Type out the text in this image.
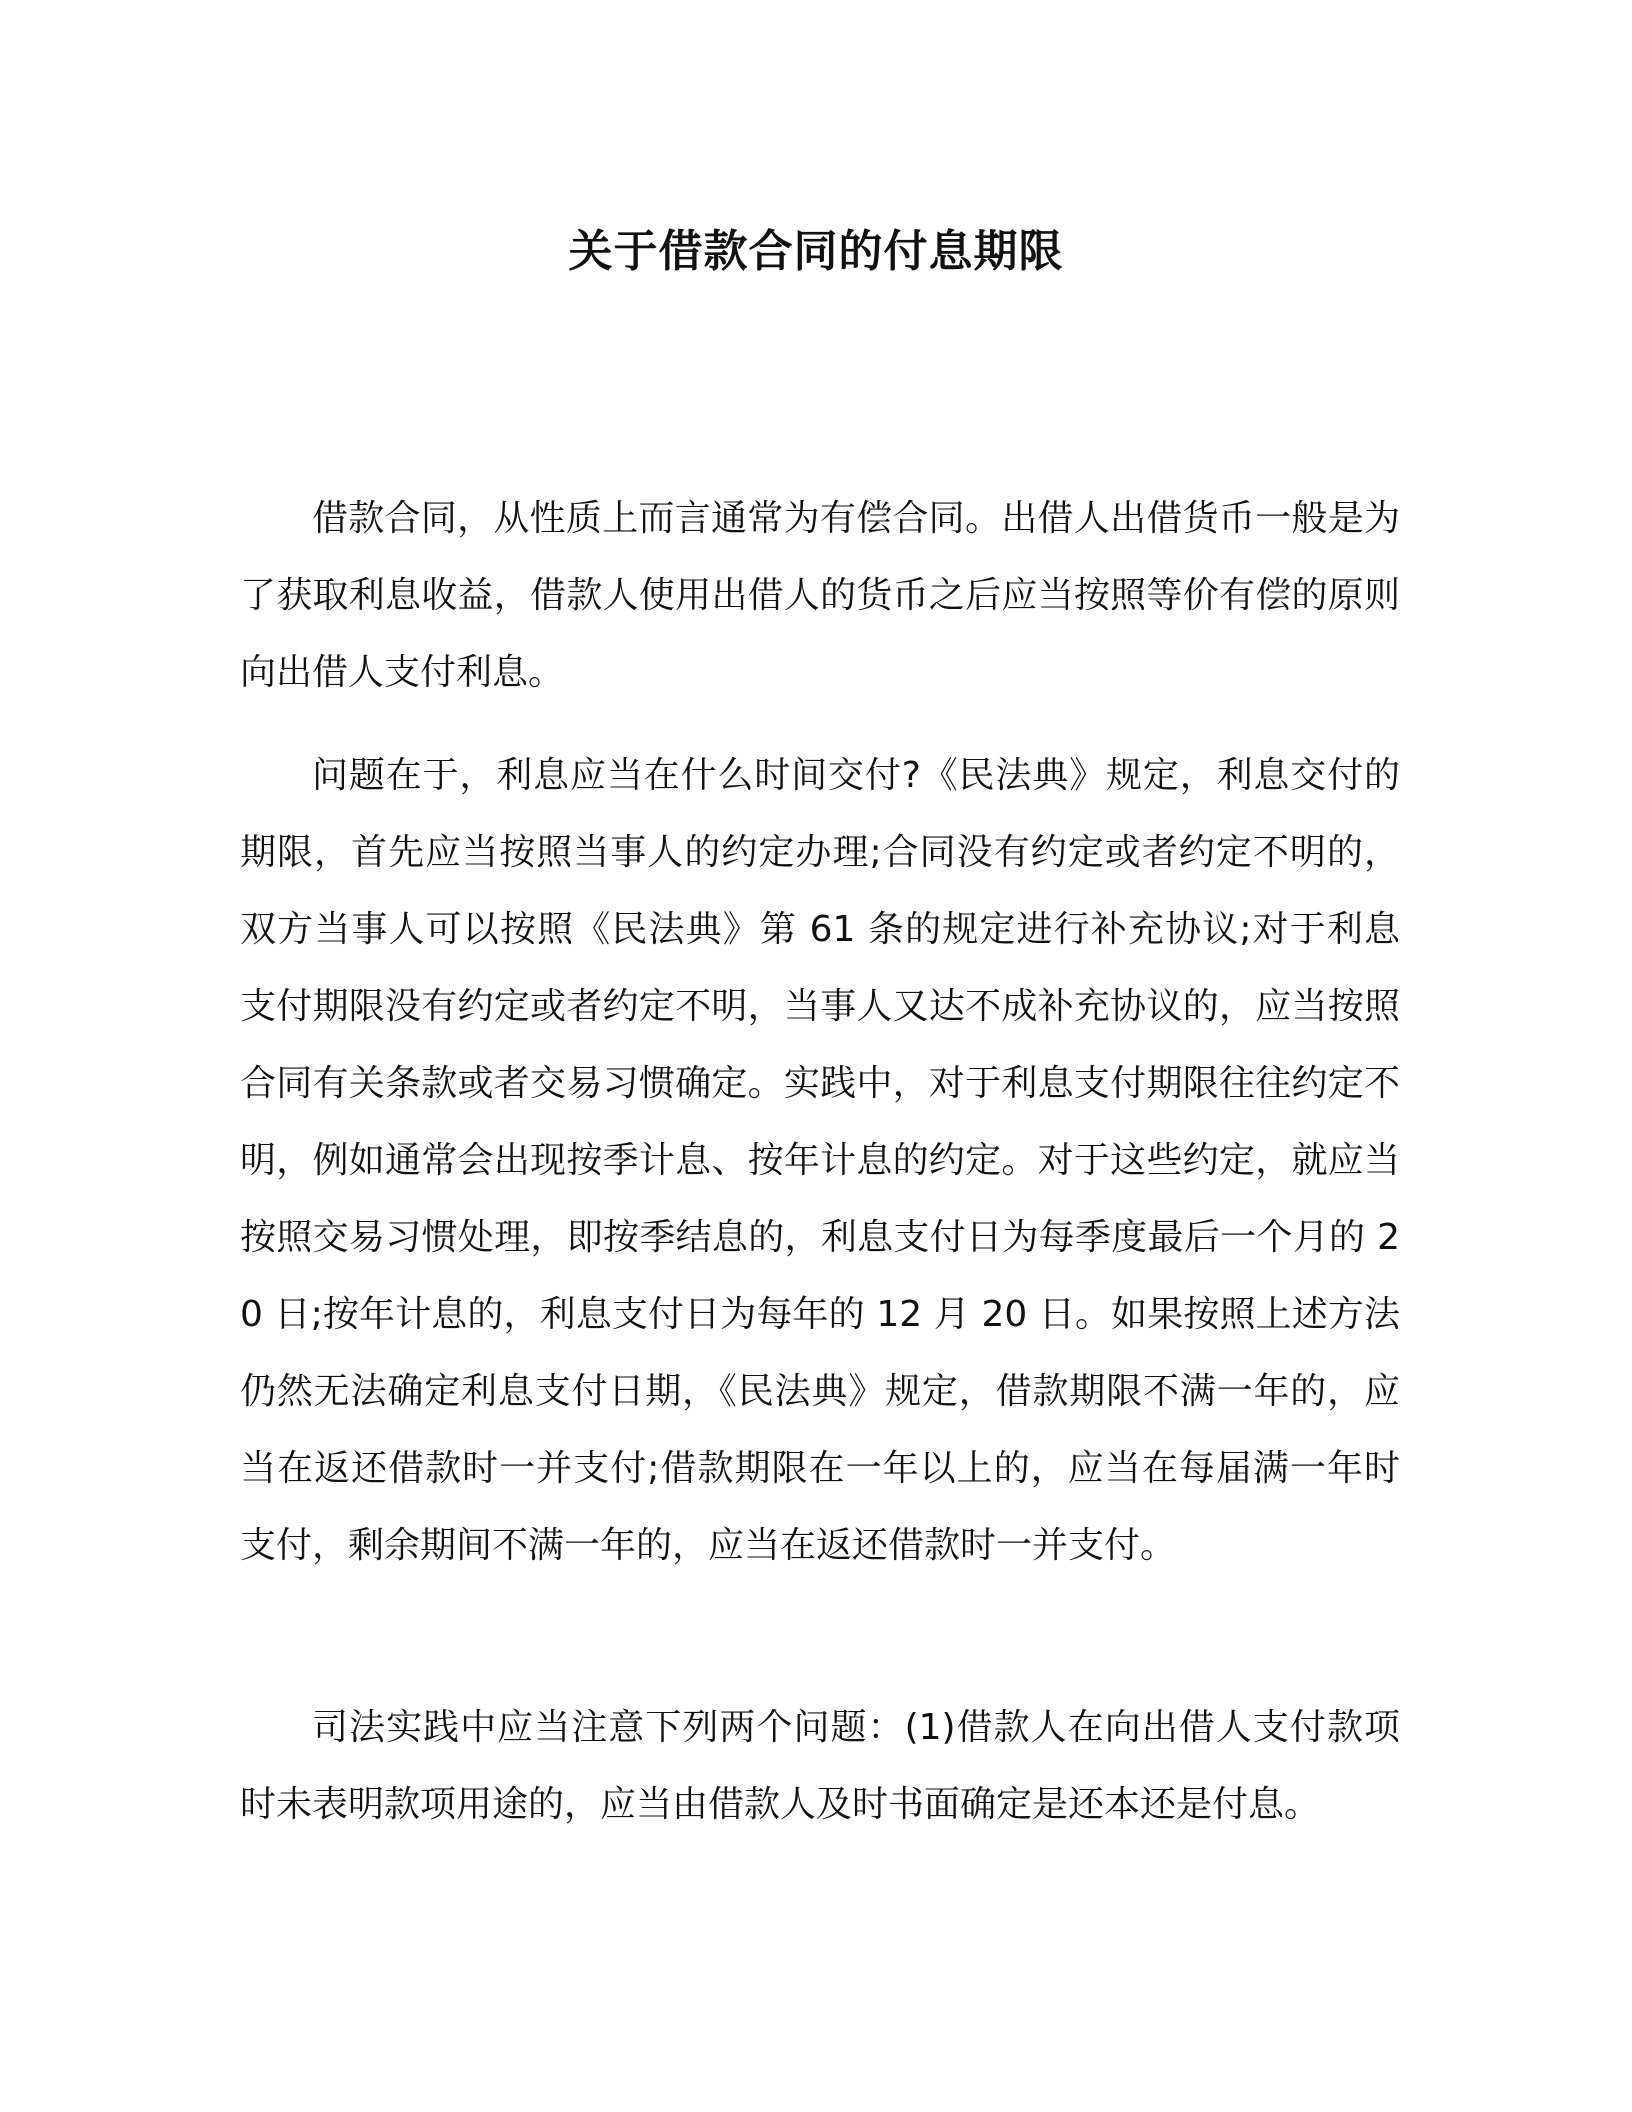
关于借款合同的付息期限

借款合同，从性质上而言通常为有偿合同。出借人出借货币一般是为了获取利息收益，借款人使用出借人的货币之后应当按照等价有偿的原则向出借人支付利息。

问题在于，利息应当在什么时间交付?《民法典》规定，利息交付的期限，首先应当按照当事人的约定办理;合同没有约定或者约定不明的，双方当事人可以按照《民法典》第 61 条的规定进行补充协议;对于利息支付期限没有约定或者约定不明，当事人又达不成补充协议的，应当按照合同有关条款或者交易习惯确定。实践中，对于利息支付期限往往约定不明，例如通常会出现按季计息、按年计息的约定。对于这些约定，就应当按照交易习惯处理，即按季结息的，利息支付日为每季度最后一个月的 20 日;按年计息的，利息支付日为每年的 12 月 20 日。如果按照上述方法仍然无法确定利息支付日期，《民法典》规定，借款期限不满一年的，应当在返还借款时一并支付;借款期限在一年以上的，应当在每届满一年时支付，剩余期间不满一年的，应当在返还借款时一并支付。

司法实践中应当注意下列两个问题：(1)借款人在向出借人支付款项时未表明款项用途的，应当由借款人及时书面确定是还本还是付息。
